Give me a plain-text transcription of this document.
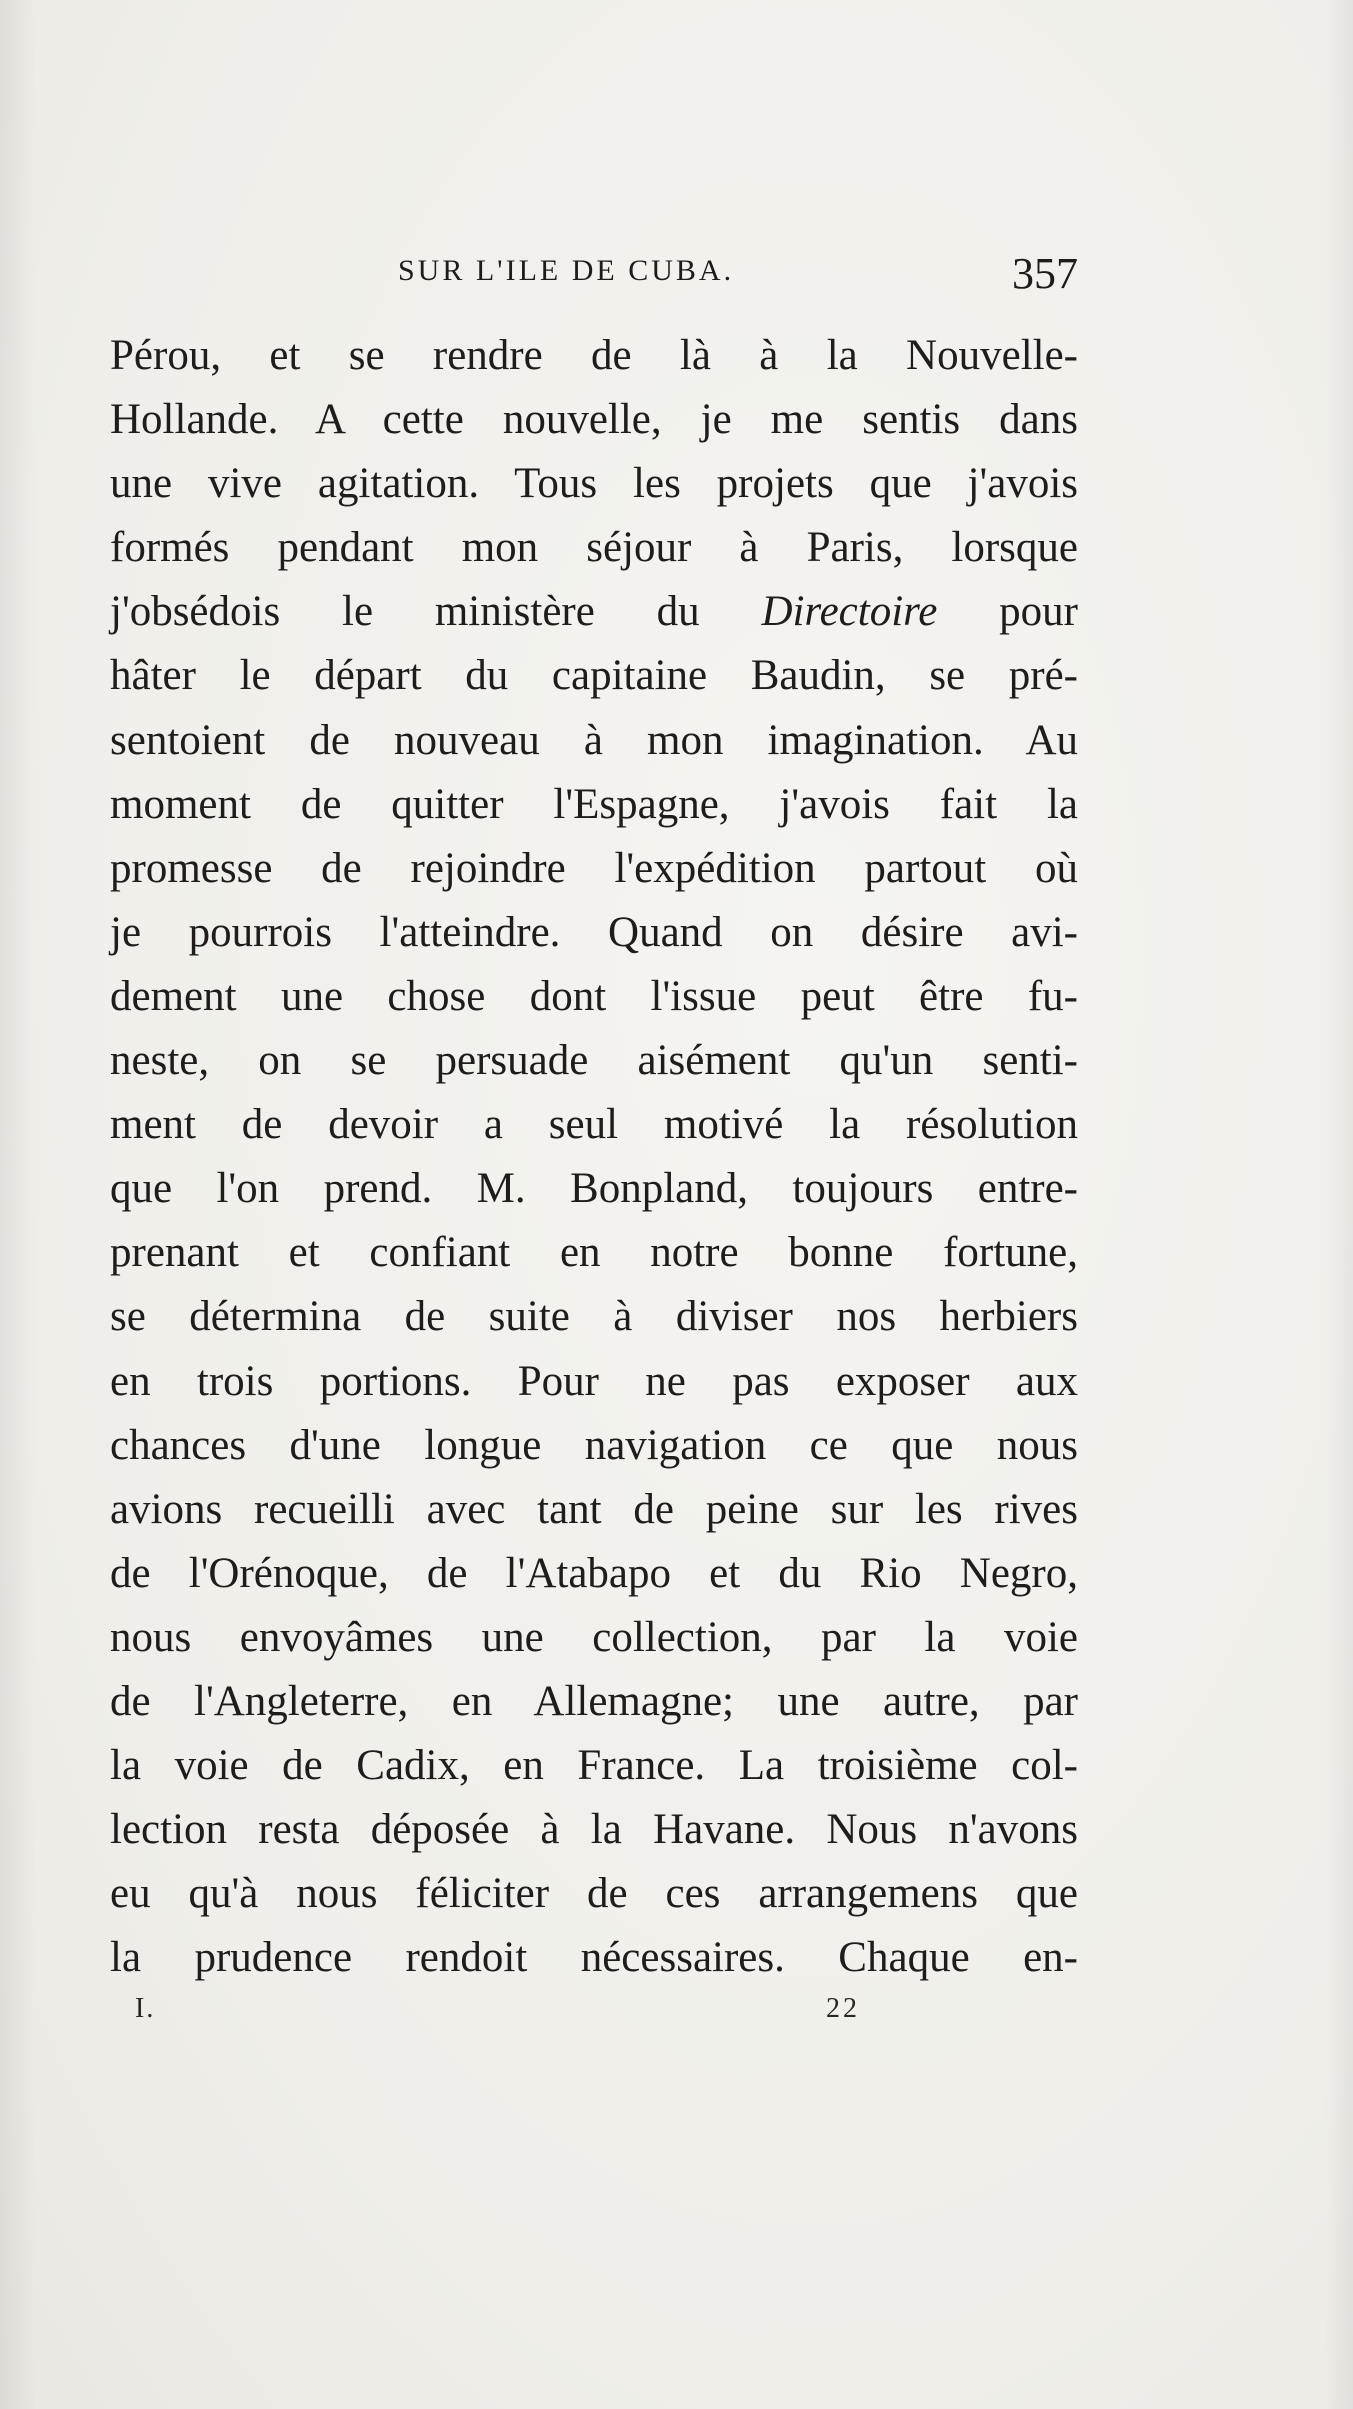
SUR L'ILE DE CUBA.	357
Pérou, et se rendre de là à la Nouvelle-
Hollande. A cette nouvelle, je me sentis dans
une vive agitation. Tous les projets que j'avois
formés pendant mon séjour à Paris, lorsque
j'obsédois le ministère du Directoire pour
hâter le départ du capitaine Baudin, se pré-
sentoient de nouveau à mon imagination. Au
moment de quitter l'Espagne, j'avois fait la
promesse de rejoindre l'expédition partout où
je pourrois l'atteindre. Quand on désire avi-
dement une chose dont l'issue peut être fu-
neste, on se persuade aisément qu'un senti-
ment de devoir a seul motivé la résolution
que l'on prend. M. Bonpland, toujours entre-
prenant et confiant en notre bonne fortune,
se détermina de suite à diviser nos herbiers
en trois portions. Pour ne pas exposer aux
chances d'une longue navigation ce que nous
avions recueilli avec tant de peine sur les rives
de l'Orénoque, de l'Atabapo et du Rio Negro,
nous envoyâmes une collection, par la voie
de l'Angleterre, en Allemagne; une autre, par
la voie de Cadix, en France. La troisième col-
lection resta déposée à la Havane. Nous n'avons
eu qu'à nous féliciter de ces arrangemens que
la prudence rendoit nécessaires. Chaque en-
I.	22
